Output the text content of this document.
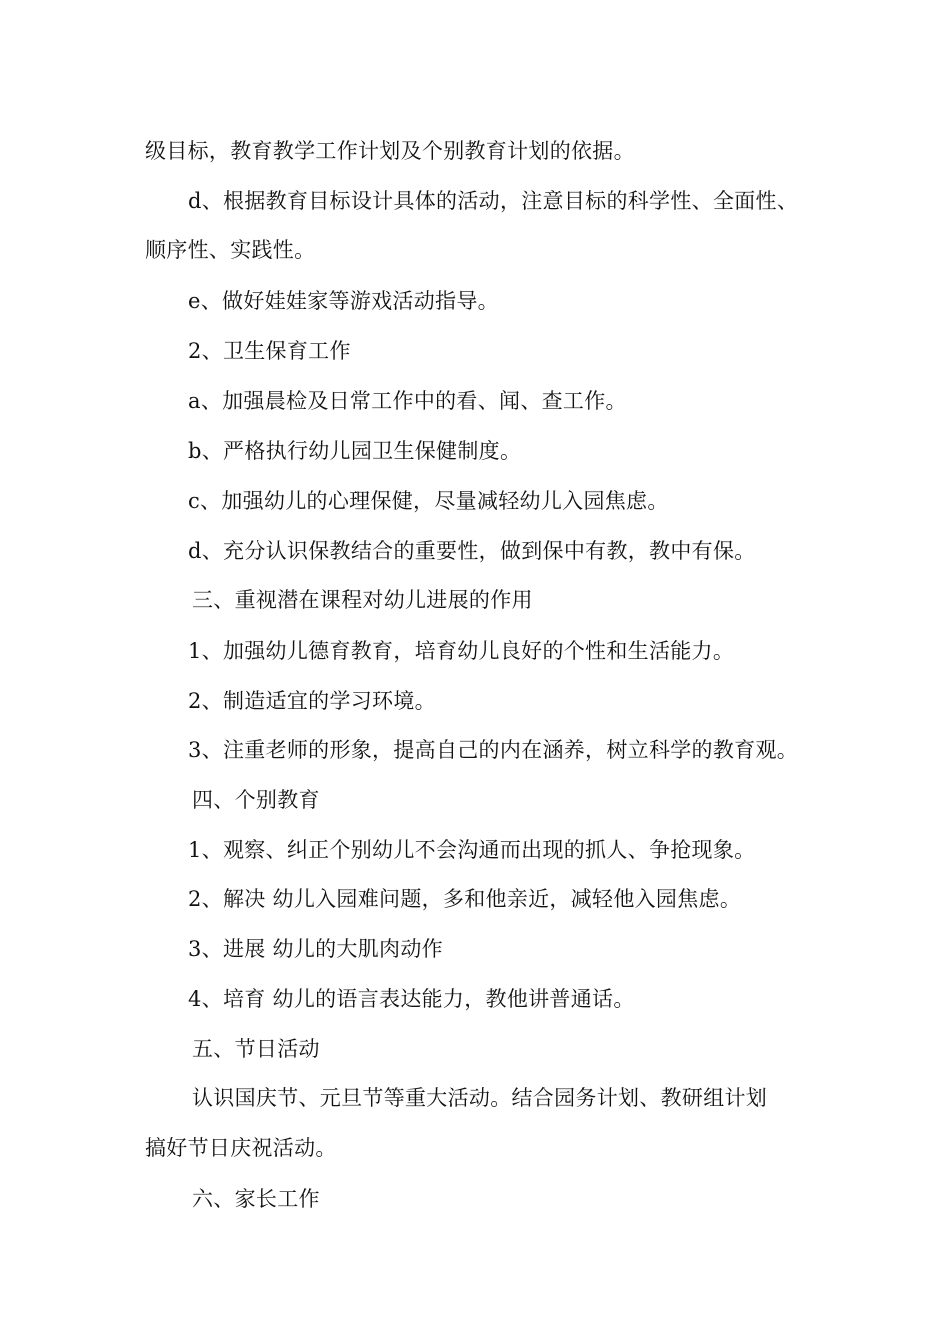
级目标，教育教学工作计划及个别教育计划的依据。

d、根据教育目标设计具体的活动，注意目标的科学性、全面性、

顺序性、实践性。

e、做好娃娃家等游戏活动指导。

2、卫生保育工作

a、加强晨检及日常工作中的看、闻、查工作。

b、严格执行幼儿园卫生保健制度。

c、加强幼儿的心理保健，尽量减轻幼儿入园焦虑。

d、充分认识保教结合的重要性，做到保中有教，教中有保。

三、重视潜在课程对幼儿进展的作用

1、加强幼儿德育教育，培育幼儿良好的个性和生活能力。

2、制造适宜的学习环境。

3、注重老师的形象，提高自己的内在涵养，树立科学的教育观。

四、个别教育

1、观察、纠正个别幼儿不会沟通而出现的抓人、争抢现象。

2、解决 幼儿入园难问题，多和他亲近，减轻他入园焦虑。

3、进展 幼儿的大肌肉动作

4、培育 幼儿的语言表达能力，教他讲普通话。

五、节日活动

认识国庆节、元旦节等重大活动。结合园务计划、教研组计划

搞好节日庆祝活动。

六、家长工作
